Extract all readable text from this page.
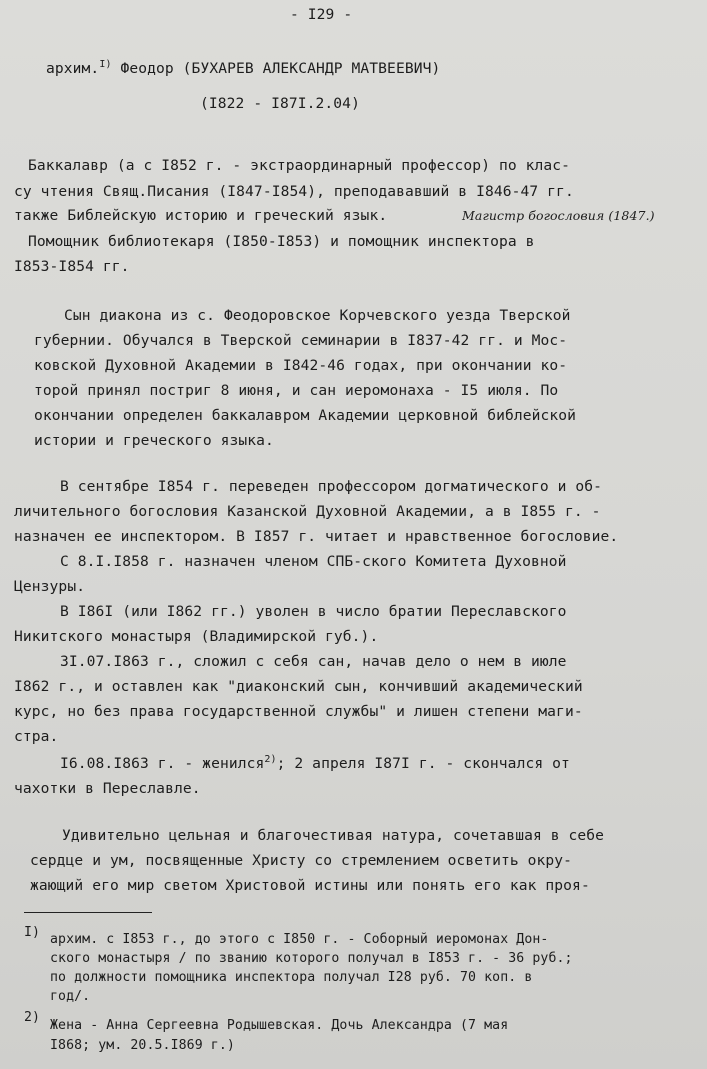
- I29 -
архим.$^{I)}$ Феодор (БУХАРЕВ АЛЕКСАНДР МАТВЕЕВИЧ)
(I822 - I87I.2.04)
Баккалавр (а с I852 г. - экстраординарный профессор) по клас-
су чтения Свящ.Писания (I847-I854), преподававший в I846-47 гг.
также Библейскую историю и греческий язык.	Магистр богословия (1847.)
Помощник библиотекаря (I850-I853) и помощник инспектора в
I853-I854 гг.
Сын диакона из с. Феодоровское Корчевского уезда Тверской
губернии. Обучался в Тверской семинарии в I837-42 гг. и Мос-
ковской Духовной Академии в I842-46 годах, при окончании ко-
торой принял постриг 8 июня, и сан иеромонаха - I5 июля. По
окончании определен баккалавром Академии церковной библейской
истории и греческого языка.
В сентябре I854 г. переведен профессором догматического и об-
личительного богословия Казанской Духовной Академии, а в I855 г. -
назначен ее инспектором. В I857 г. читает и нравственное богословие.
С 8.I.I858 г. назначен членом СПБ-ского Комитета Духовной
Цензуры.
В I86I (или I862 гг.) уволен в число братии Переславского
Никитского монастыря (Владимирской губ.).
3I.07.I863 г., сложил с себя сан, начав дело о нем в июле
I862 г., и оставлен как "диаконский сын, кончивший академический
курс, но без права государственной службы" и лишен степени маги-
стра.
I6.08.I863 г. - женился$^{2)}$; 2 апреля I87I г. - скончался от
чахотки в Переславле.
Удивительно цельная и благочестивая натура, сочетавшая в себе
сердце и ум, посвященные Христу со стремлением осветить окру-
жающий его мир светом Христовой истины или понять его как проя-
I) архим. с I853 г., до этого с I850 г. - Соборный иеромонах Дон-
ского монастыря / по званию которого получал в I853 г. - 36 руб.;
по должности помощника инспектора получал I28 руб. 70 коп. в
год/.
2)
Жена - Анна Сергеевна Родышевская. Дочь Александра (7 мая
I868; ум. 20.5.I869 г.)
